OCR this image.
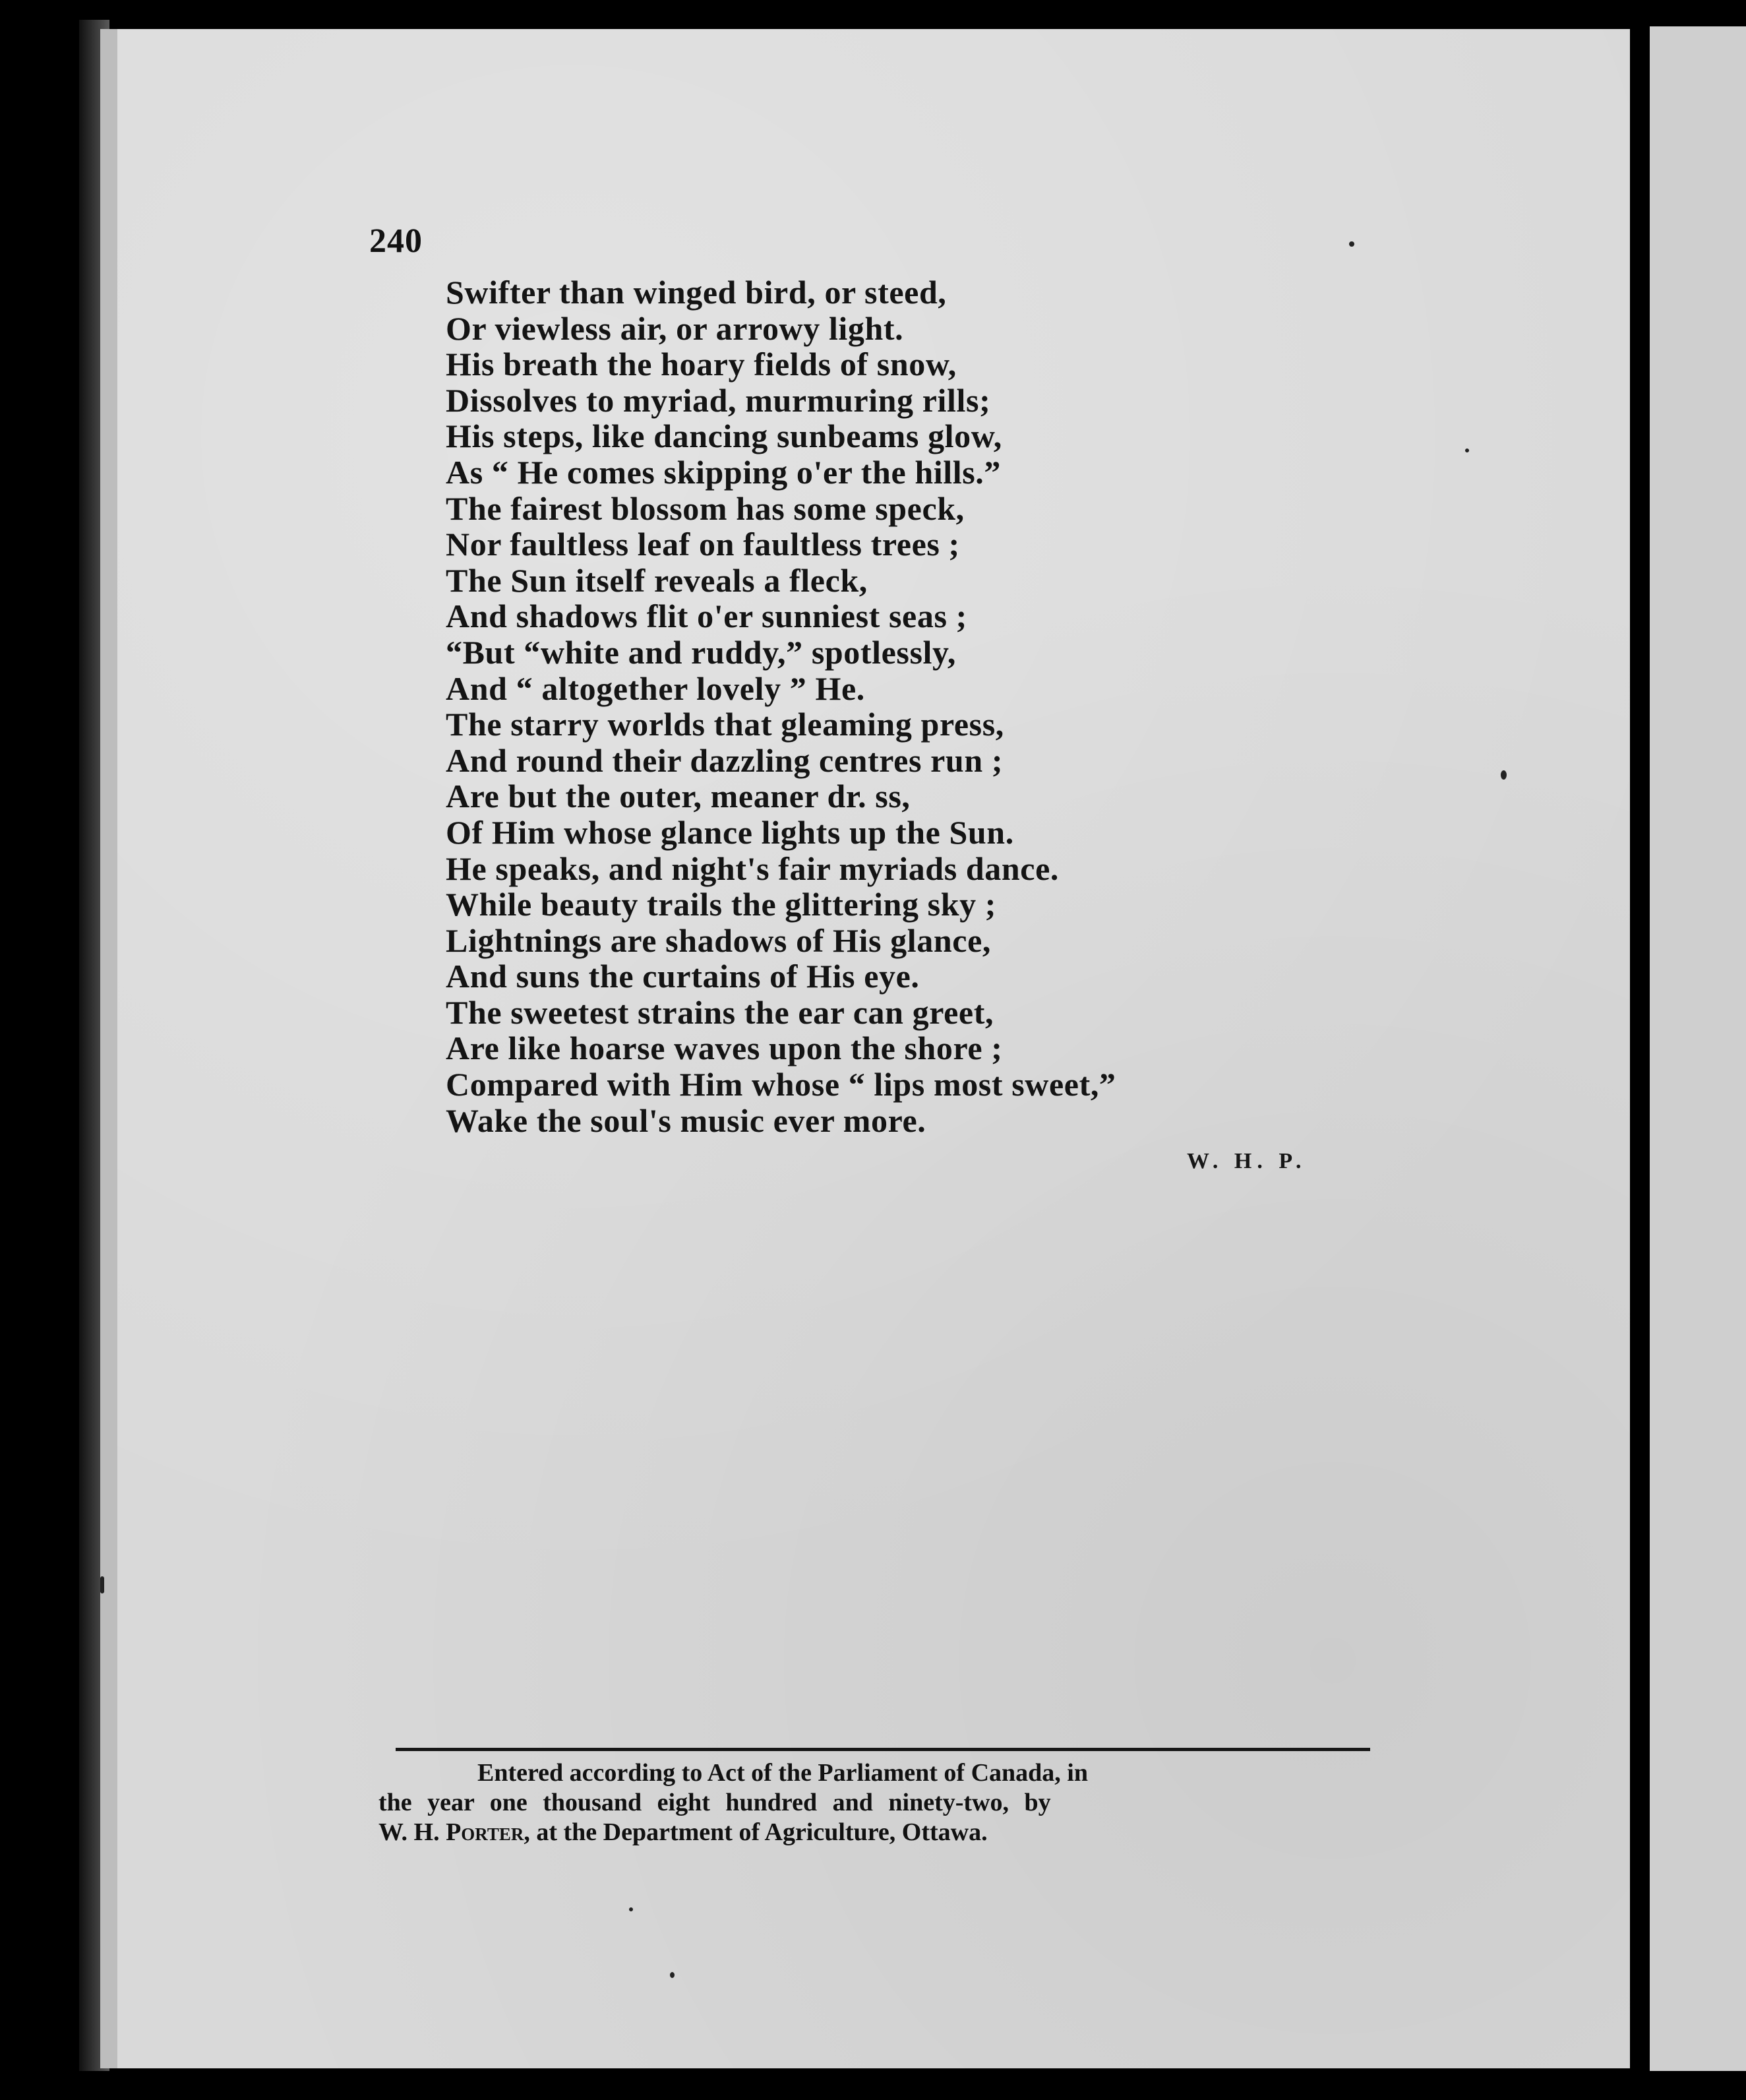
240
Swifter than winged bird, or steed,
Or viewless air, or arrowy light.
His breath the hoary fields of snow,
Dissolves to myriad, murmuring rills;
His steps, like dancing sunbeams glow,
As “ He comes skipping o'er the hills.”
The fairest blossom has some speck,
Nor faultless leaf on faultless trees ;
The Sun itself reveals a fleck,
And shadows flit o'er sunniest seas ;
“But “white and ruddy,” spotlessly,
And “ altogether lovely ” He.
The starry worlds that gleaming press,
And round their dazzling centres run ;
Are but the outer, meaner dr. ss,
Of Him whose glance lights up the Sun.
He speaks, and night's fair myriads dance.
While beauty trails the glittering sky ;
Lightnings are shadows of His glance,
And suns the curtains of His eye.
The sweetest strains the ear can greet,
Are like hoarse waves upon the shore ;
Compared with Him whose “ lips most sweet,”
Wake the soul's music ever more.
W. H. P.
Entered according to Act of the Parliament of Canada, in
the year one thousand eight hundred and ninety-two, by
W. H. Porter, at the Department of Agriculture, Ottawa.
